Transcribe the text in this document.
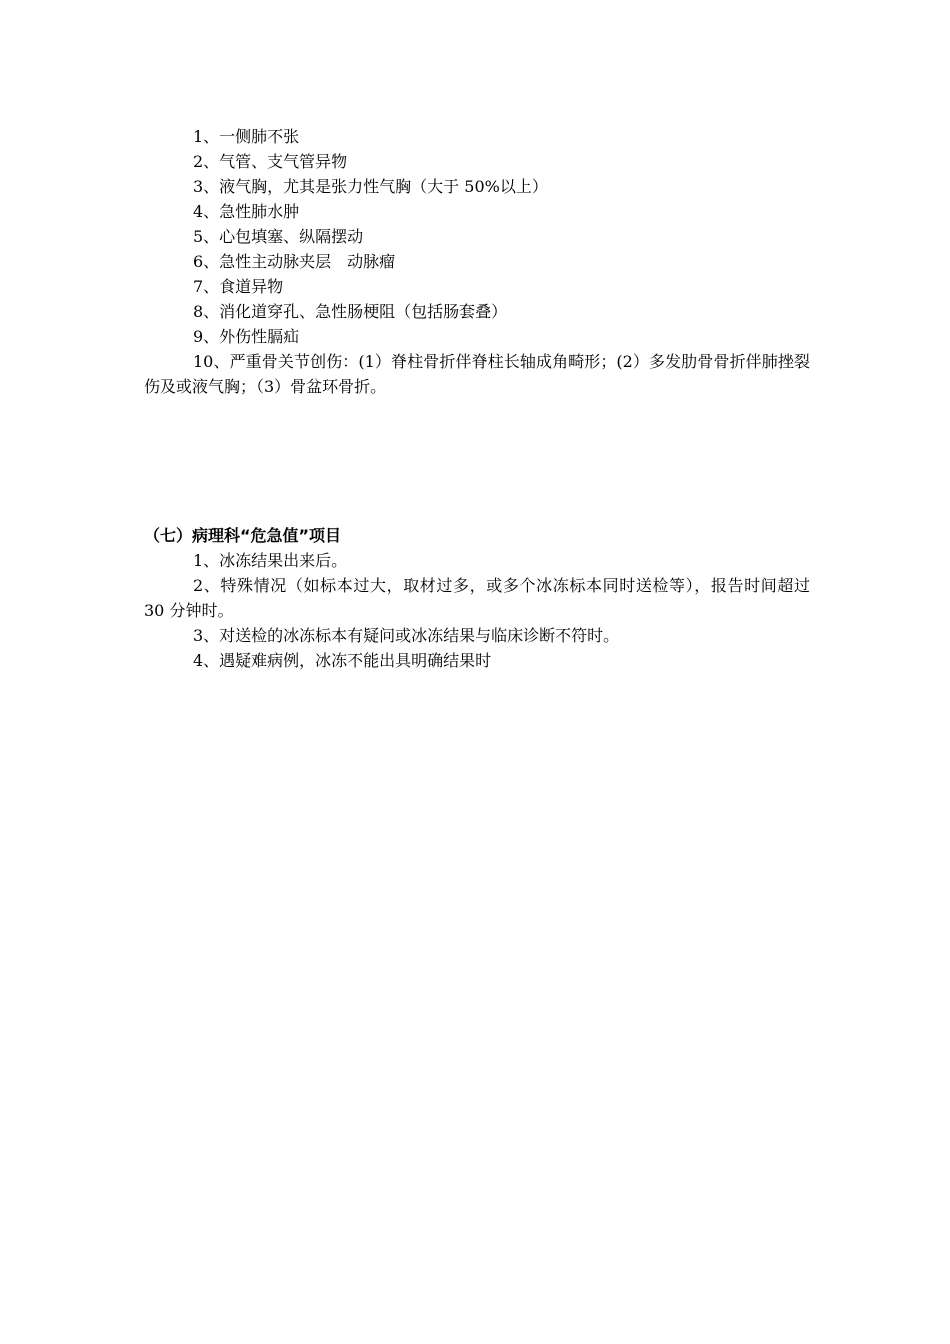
1、一侧肺不张

2、气管、支气管异物

3、液气胸，尤其是张力性气胸（大于 50%以上）

4、急性肺水肿

5、心包填塞、纵隔摆动

6、急性主动脉夹层　动脉瘤

7、食道异物

8、消化道穿孔、急性肠梗阻（包括肠套叠）

9、外伤性膈疝

10、严重骨关节创伤：(1）脊柱骨折伴脊柱长轴成角畸形；(2）多发肋骨骨折伴肺挫裂伤及或液气胸；（3）骨盆环骨折。

（七）病理科“危急值”项目

1、冰冻结果出来后。

2、特殊情况（如标本过大，取材过多，或多个冰冻标本同时送检等），报告时间超过 30 分钟时。

3、对送检的冰冻标本有疑问或冰冻结果与临床诊断不符时。

4、遇疑难病例，冰冻不能出具明确结果时
